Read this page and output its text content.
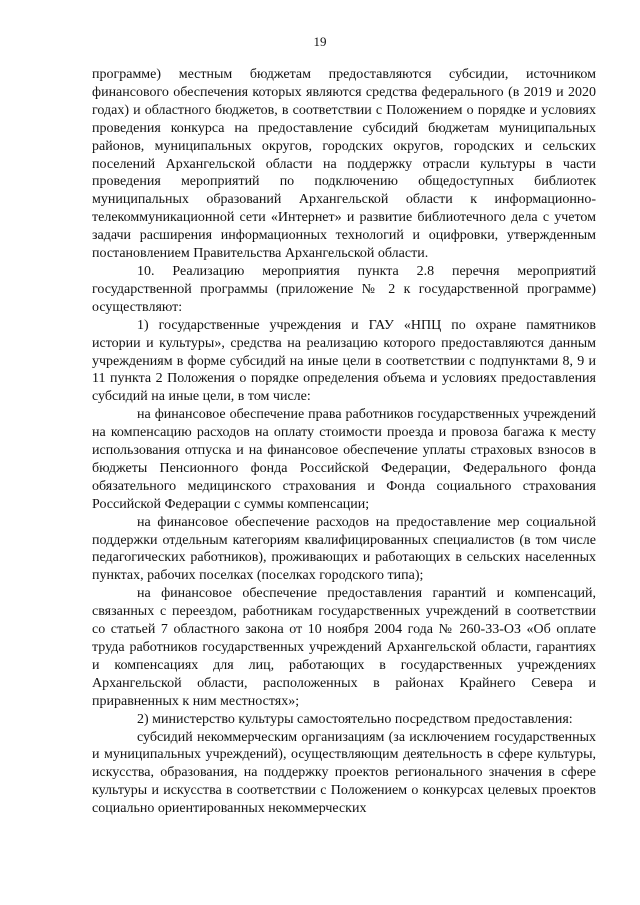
19

программе) местным бюджетам предоставляются субсидии, источником финансового обеспечения которых являются средства федерального (в 2019 и 2020 годах) и областного бюджетов, в соответствии с Положением о порядке и условиях проведения конкурса на предоставление субсидий бюджетам муниципальных районов, муниципальных округов, городских округов, городских и сельских поселений Архангельской области на поддержку отрасли культуры в части проведения мероприятий по подключению общедоступных библиотек муниципальных образований Архангельской области к информационно-телекоммуникационной сети «Интернет» и развитие библиотечного дела с учетом задачи расширения информационных технологий и оцифровки, утвержденным постановлением Правительства Архангельской области.

10. Реализацию мероприятия пункта 2.8 перечня мероприятий государственной программы (приложение № 2 к государственной программе) осуществляют:

1) государственные учреждения и ГАУ «НПЦ по охране памятников истории и культуры», средства на реализацию которого предоставляются данным учреждениям в форме субсидий на иные цели в соответствии с подпунктами 8, 9 и 11 пункта 2 Положения о порядке определения объема и условиях предоставления субсидий на иные цели, в том числе:

на финансовое обеспечение права работников государственных учреждений на компенсацию расходов на оплату стоимости проезда и провоза багажа к месту использования отпуска и на финансовое обеспечение уплаты страховых взносов в бюджеты Пенсионного фонда Российской Федерации, Федерального фонда обязательного медицинского страхования и Фонда социального страхования Российской Федерации с суммы компенсации;

на финансовое обеспечение расходов на предоставление мер социальной поддержки отдельным категориям квалифицированных специалистов (в том числе педагогических работников), проживающих и работающих в сельских населенных пунктах, рабочих поселках (поселках городского типа);

на финансовое обеспечение предоставления гарантий и компенсаций, связанных с переездом, работникам государственных учреждений в соответствии со статьей 7 областного закона от 10 ноября 2004 года № 260-33-ОЗ «Об оплате труда работников государственных учреждений Архангельской области, гарантиях и компенсациях для лиц, работающих в государственных учреждениях Архангельской области, расположенных в районах Крайнего Севера и приравненных к ним местностях»;

2) министерство культуры самостоятельно посредством предоставления:

субсидий некоммерческим организациям (за исключением государственных и муниципальных учреждений), осуществляющим деятельность в сфере культуры, искусства, образования, на поддержку проектов регионального значения в сфере культуры и искусства в соответствии с Положением о конкурсах целевых проектов социально ориентированных некоммерческих
